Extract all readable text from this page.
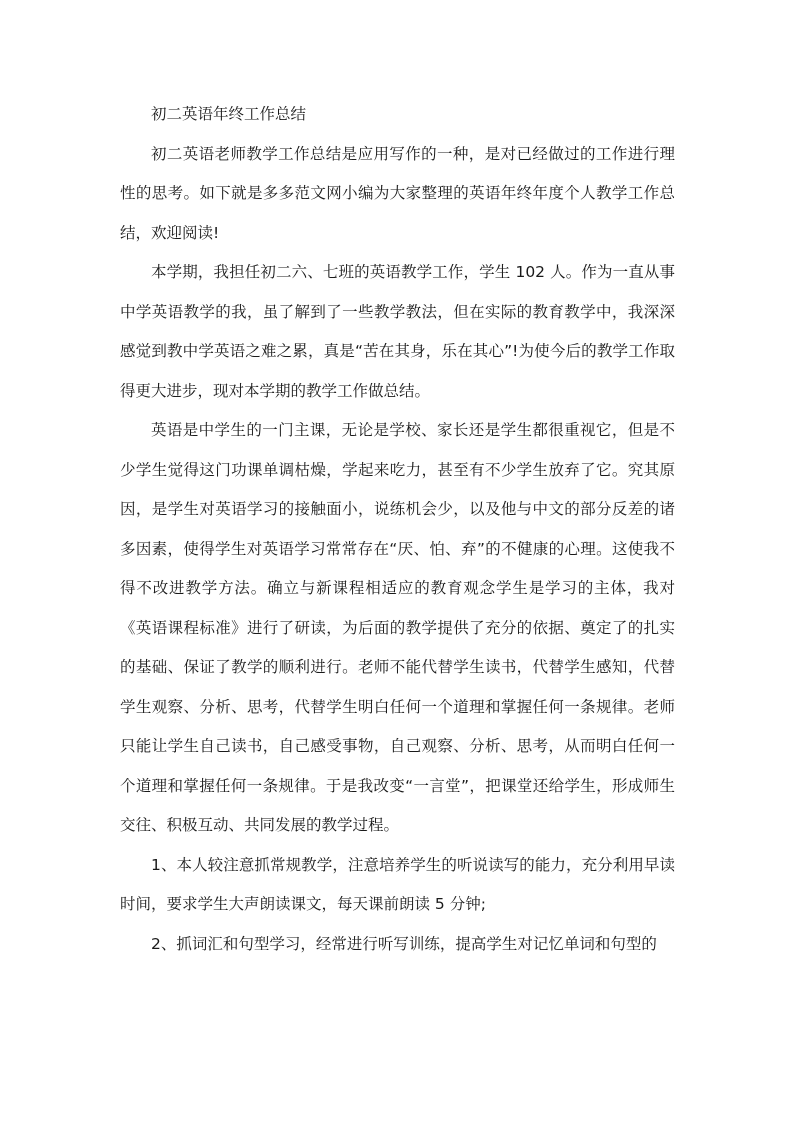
初二英语年终工作总结

初二英语老师教学工作总结是应用写作的一种，是对已经做过的工作进行理性的思考。如下就是多多范文网小编为大家整理的英语年终年度个人教学工作总结，欢迎阅读!

本学期，我担任初二六、七班的英语教学工作，学生 102 人。作为一直从事中学英语教学的我，虽了解到了一些教学教法，但在实际的教育教学中，我深深感觉到教中学英语之难之累，真是“苦在其身，乐在其心”!为使今后的教学工作取得更大进步，现对本学期的教学工作做总结。

英语是中学生的一门主课，无论是学校、家长还是学生都很重视它，但是不少学生觉得这门功课单调枯燥，学起来吃力，甚至有不少学生放弃了它。究其原因，是学生对英语学习的接触面小，说练机会少，以及他与中文的部分反差的诸多因素，使得学生对英语学习常常存在“厌、怕、弃”的不健康的心理。这使我不得不改进教学方法。确立与新课程相适应的教育观念学生是学习的主体，我对《英语课程标准》进行了研读，为后面的教学提供了充分的依据、奠定了的扎实的基础、保证了教学的顺利进行。老师不能代替学生读书，代替学生感知，代替学生观察、分析、思考，代替学生明白任何一个道理和掌握任何一条规律。老师只能让学生自己读书，自己感受事物，自己观察、分析、思考，从而明白任何一个道理和掌握任何一条规律。于是我改变“一言堂”，把课堂还给学生，形成师生交往、积极互动、共同发展的教学过程。

1、本人较注意抓常规教学，注意培养学生的听说读写的能力，充分利用早读时间，要求学生大声朗读课文，每天课前朗读 5 分钟;

2、抓词汇和句型学习，经常进行听写训练，提高学生对记忆单词和句型的
